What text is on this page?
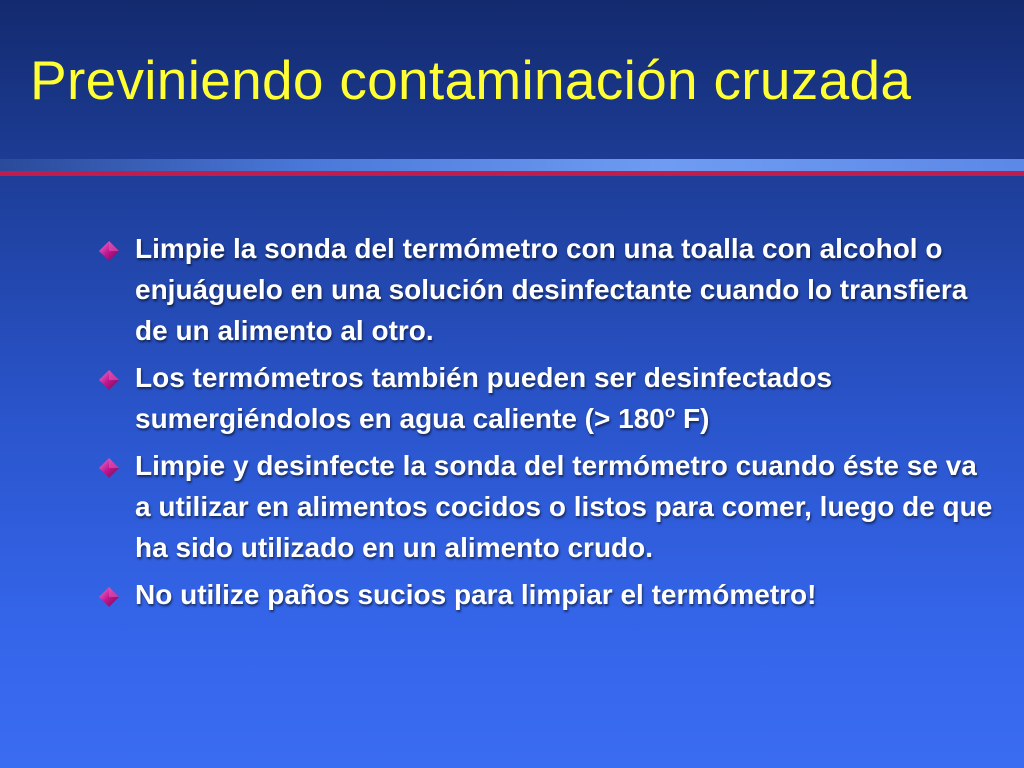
Previniendo contaminación cruzada
Limpie la sonda del termómetro con una toalla con alcohol o enjuáguelo en una solución desinfectante cuando lo transfiera de un alimento al otro.
Los termómetros también pueden ser desinfectados sumergiéndolos en agua caliente (> $180^o$ F)
Limpie y desinfecte la sonda del termómetro cuando éste se va a utilizar en alimentos cocidos o listos para comer, luego de que ha sido utilizado en un alimento crudo.
No utilize paños sucios para limpiar el termómetro!
